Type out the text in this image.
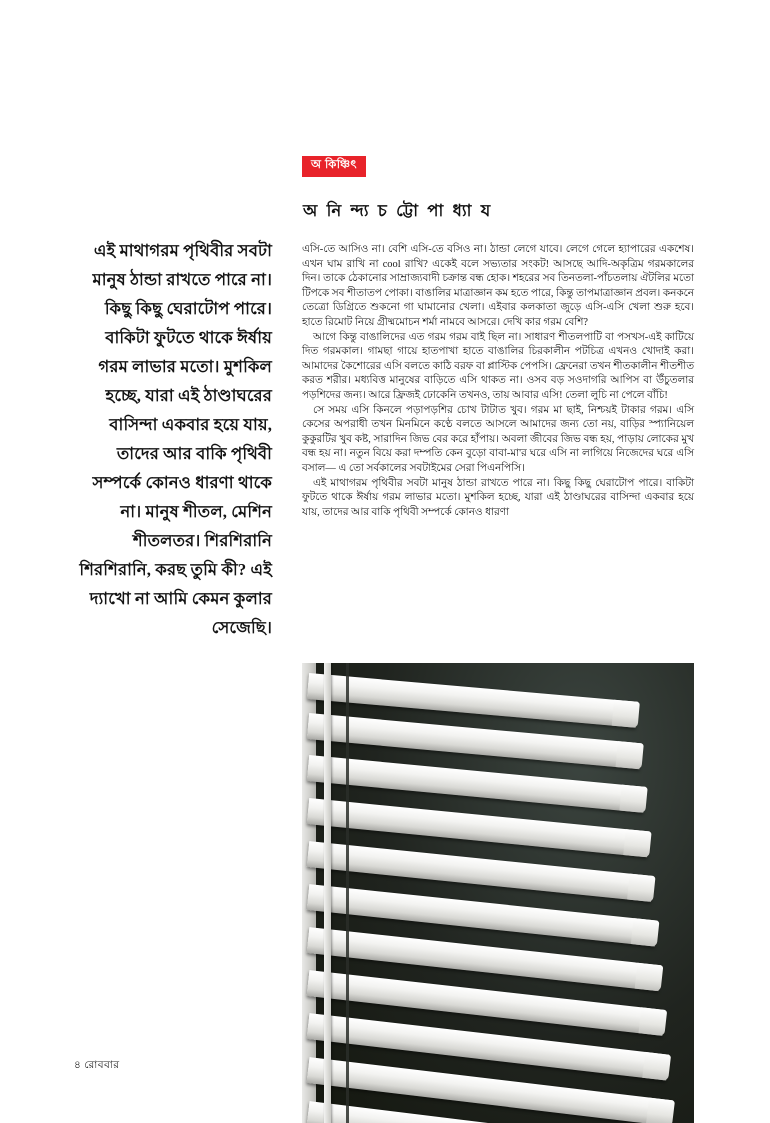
অ কিঞ্চিৎ
অ নি ন্দ্য চ ট্টো পা ধ্যা য
এই মাথাগরম পৃথিবীর সবটা মানুষ ঠান্ডা রাখতে পারে না। কিছু কিছু ঘেরাটোপ পারে। বাকিটা ফুটতে থাকে ঈর্ষায় গরম লাভার মতো। মুশকিল হচ্ছে, যারা এই ঠাণ্ডাঘরের বাসিন্দা একবার হয়ে যায়, তাদের আর বাকি পৃথিবী সম্পর্কে কোনও ধারণা থাকে না। মানুষ শীতল, মেশিন শীতলতর। শিরশিরানি শিরশিরানি, করছ তুমি কী? এই দ্যাখো না আমি কেমন কুলার সেজেছি।

এসি-তে আসিও না। বেশি এসি-তে বসিও না। ঠান্ডা লেগে যাবে। লেগে গেলে হ্যাপারের একশেষ। এখন ঘাম রাখি না cool রাখি? একেই বলে সভ্যতার সংকট! আসছে আদি-অকৃত্রিম গরমকালের দিন। তাকে ঠেকানোর সাম্রাজ্যবাদী চক্রান্ত বন্ধ হোক। শহরের সব তিনতলা-পাঁচতলায় ঐটলির মতো টিপকে সব শীতাতপ পোকা। বাঙালির মাত্রাজ্ঞান কম হতে পারে, কিন্তু তাপমাত্রাজ্ঞান প্রবল। কনকনে তেত্রো ডিগ্রিতে শুকনো গা ঘামানোর খেলা। এইবার কলকাতা জুড়ে এসি-এসি খেলা শুরু হবে। হাতে রিমোট নিয়ে গ্রীষ্মমোচন শর্মা নামবে আসরে। দেখি কার গরম বেশি?

আগে কিন্তু বাঙালিদের এত গরম গরম বাই ছিল না। সাধারণ শীতলপাটি বা পসখস-এই কাটিয়ে দিত গরমকাল। গামছা গায়ে হাতপাখা হাতে বাঙালির চিরকালীন পটচিত্র এখনও খোদাই করা। আমাদের কৈশোরের এসি বলতে কাঠি বরফ বা প্লাস্টিক পেপসি। ফ্রেনেরা তখন শীতকালীন শীতশীত করত শরীর। মধ্যবিত্ত মানুষের বাড়িতে এসি থাকত না। ওসব বড় সওদাগরি আপিস বা উঁচুতলার পড়শিদের জন্য। আরে ফ্রিজই ঢোকেনি তখনও, তায় আবার এসি! তেলা লুচি না পেলে বাঁচি!

সে সময় এসি কিনলে পড়াপড়শির চোখ টাটাত খুব। গরম মা ছাই, নিশ্চয়ই টাকার গরম। এসি কেসের অপরাধী তখন মিনমিনে কণ্ঠে বলতে আসলে আমাদের জন্য তো নয়, বাড়ির স্প্যানিয়েল কুকুরটির খুব কষ্ট, সারাদিন জিভ বের করে হাঁপায়। অবলা জীবের জিভ বন্ধ হয়, পাড়ায় লোকের মুখ বন্ধ হয় না। নতুন বিয়ে করা দম্পতি কেন বুড়ো বাবা-মা'র ঘরে এসি না লাগিয়ে নিজেদের ঘরে এসি বসাল— এ তো সর্বকালের সবটাইমের সেরা পিএনপিসি।

এই মাথাগরম পৃথিবীর সবটা মানুষ ঠান্ডা রাখতে পারে না। কিছু কিছু ঘেরাটোপ পারে। বাকিটা ফুটতে থাকে ঈর্ষায় গরম লাভার মতো। মুশকিল হচ্ছে, যারা এই ঠাণ্ডাঘরের বাসিন্দা একবার হয়ে যায়, তাদের আর বাকি পৃথিবী সম্পর্কে কোনও ধারণা

৪ রোববার
